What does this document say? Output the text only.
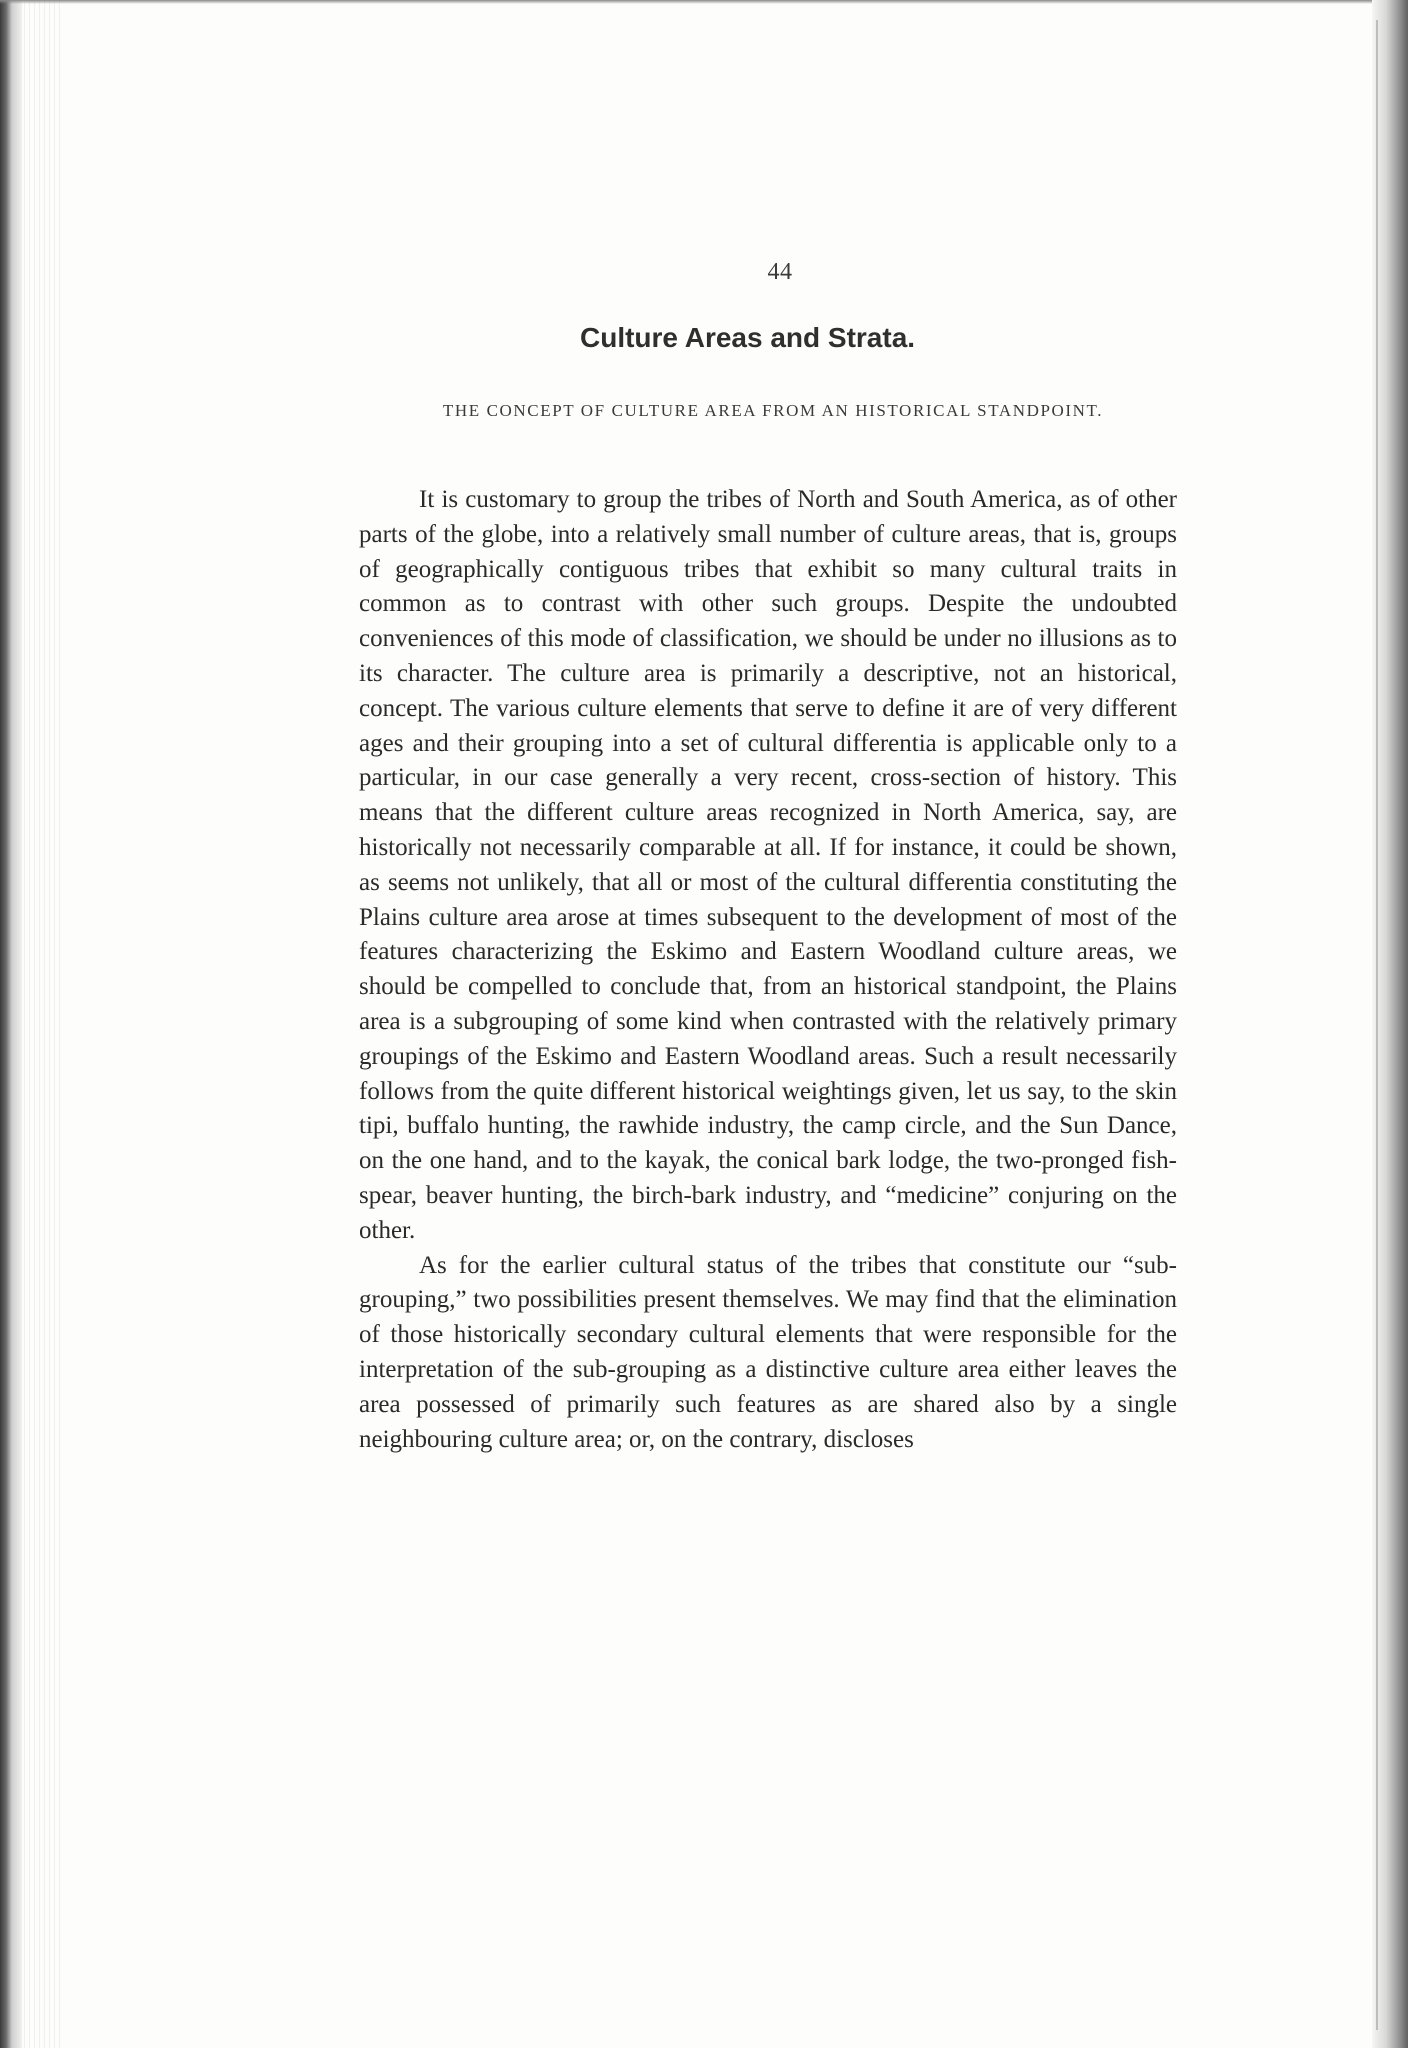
44
Culture Areas and Strata.
THE CONCEPT OF CULTURE AREA FROM AN HISTORICAL STANDPOINT.

It is customary to group the tribes of North and South America, as of other parts of the globe, into a relatively small number of culture areas, that is, groups of geographically contiguous tribes that exhibit so many cultural traits in common as to contrast with other such groups. Despite the undoubted conveniences of this mode of classification, we should be under no illusions as to its character. The culture area is primarily a descriptive, not an historical, concept. The various culture elements that serve to define it are of very different ages and their grouping into a set of cultural differentia is applicable only to a particular, in our case generally a very recent, cross-section of history. This means that the different culture areas recognized in North America, say, are historically not necessarily comparable at all. If for instance, it could be shown, as seems not unlikely, that all or most of the cultural differentia constituting the Plains culture area arose at times subsequent to the development of most of the features characterizing the Eskimo and Eastern Woodland culture areas, we should be compelled to conclude that, from an historical standpoint, the Plains area is a subgrouping of some kind when contrasted with the relatively primary groupings of the Eskimo and Eastern Woodland areas. Such a result necessarily follows from the quite different historical weightings given, let us say, to the skin tipi, buffalo hunting, the rawhide industry, the camp circle, and the Sun Dance, on the one hand, and to the kayak, the conical bark lodge, the two-pronged fish-spear, beaver hunting, the birch-bark industry, and “medicine” conjuring on the other.

As for the earlier cultural status of the tribes that constitute our “sub-grouping,” two possibilities present themselves. We may find that the elimination of those historically secondary cultural elements that were responsible for the interpretation of the sub-grouping as a distinctive culture area either leaves the area possessed of primarily such features as are shared also by a single neighbouring culture area; or, on the contrary, discloses
